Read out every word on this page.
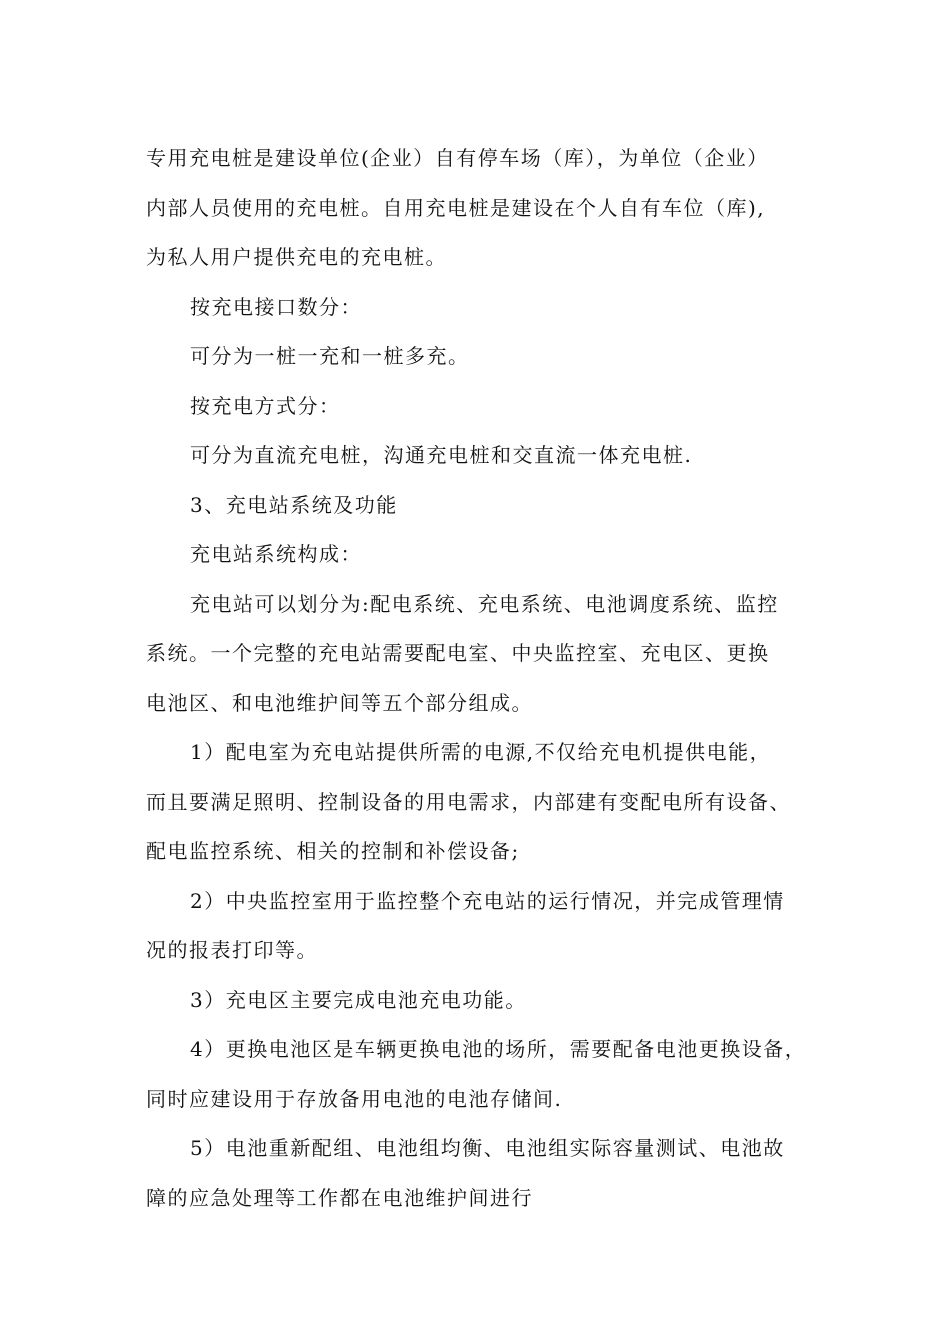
专用充电桩是建设单位(企业）自有停车场（库），为单位（企业）

内部人员使用的充电桩。自用充电桩是建设在个人自有车位（库),

为私人用户提供充电的充电桩。

按充电接口数分：

可分为一桩一充和一桩多充。

按充电方式分：

可分为直流充电桩，沟通充电桩和交直流一体充电桩.

3、充电站系统及功能

充电站系统构成：

充电站可以划分为:配电系统、充电系统、电池调度系统、监控

系统。一个完整的充电站需要配电室、中央监控室、充电区、更换

电池区、和电池维护间等五个部分组成。

1）配电室为充电站提供所需的电源,不仅给充电机提供电能，

而且要满足照明、控制设备的用电需求，内部建有变配电所有设备、

配电监控系统、相关的控制和补偿设备;

2）中央监控室用于监控整个充电站的运行情况，并完成管理情

况的报表打印等。

3）充电区主要完成电池充电功能。

4）更换电池区是车辆更换电池的场所，需要配备电池更换设备，

同时应建设用于存放备用电池的电池存储间.

5）电池重新配组、电池组均衡、电池组实际容量测试、电池故

障的应急处理等工作都在电池维护间进行
